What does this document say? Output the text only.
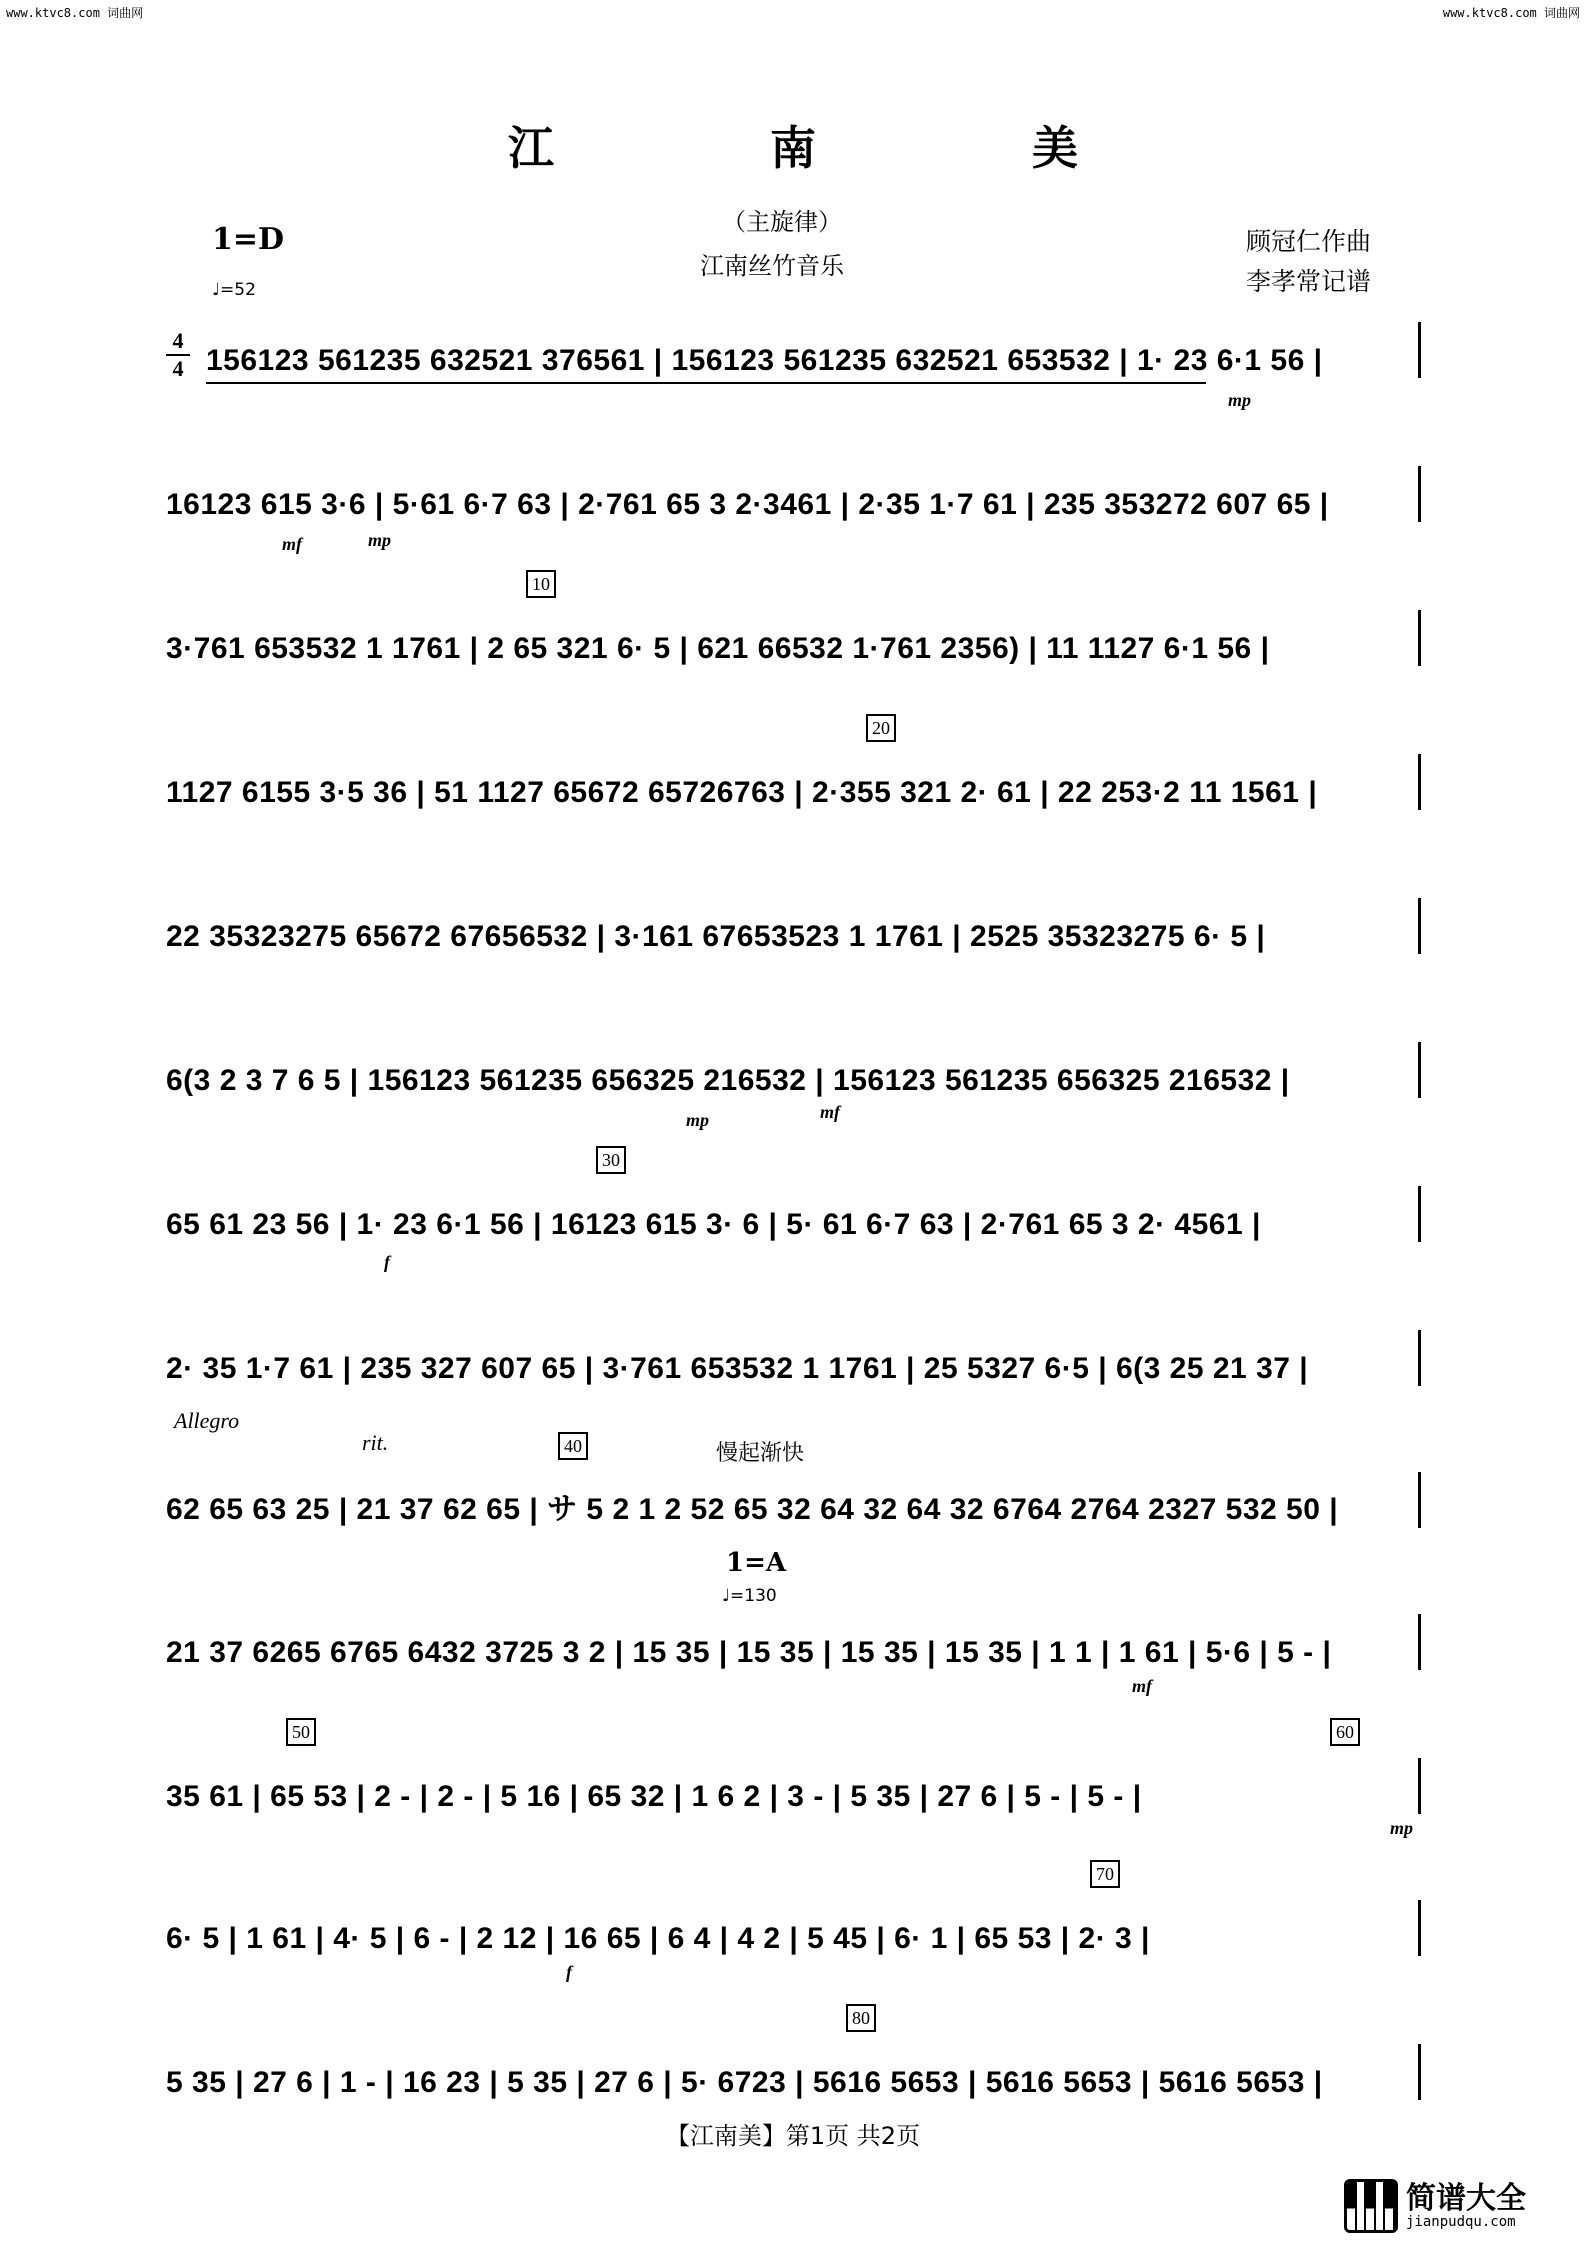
www.ktvc8.com 词曲网	www.ktvc8.com 词曲网
江 南 美
（主旋律）
江南丝竹音乐
1=D	顾冠仁作曲
李孝常记谱
♩=52
4
4 156123 561235 632521 376561 | 156123 561235 632521 653532 | 1· 23 6·1 56 |
mp
16123 615 3·6 | 5·61 6·7 63 | 2·761 65 3 2·3461 | 2·35 1·7 61 | 235 353272 607 65 |
mf	mp
10
3·761 653532 1 1761 | 2 65 321 6· 5 | 621 66532 1·761 2356) | 11 1127 6·1 56 |
20
1127 6155 3·5 36 | 51 1127 65672 65726763 | 2·355 321 2· 61 | 22 253·2 11 1561 |
22 35323275 65672 67656532 | 3·161 67653523 1 1761 | 2525 35323275 6· 5 |
6(3 2 3 7 6 5 | 156123 561235 656325 216532 | 156123 561235 656325 216532 |
mp	mf
30
65 61 23 56 | 1· 23 6·1 56 | 16123 615 3· 6 | 5· 61 6·7 63 | 2·761 65 3 2· 4561 |
f
2· 35 1·7 61 | 235 327 607 65 | 3·761 653532 1 1761 | 25 5327 6·5 | 6(3 25 21 37 |
Allegro
rit.	40	慢起渐快
62 65 63 25 | 21 37 62 65 | サ 5 2 1 2 52 65 32 64 32 64 32 6764 2764 2327 532 50 |
1=A
♩=130
21 37 6265 6765 6432 3725 3 2 | 15 35 | 15 35 | 15 35 | 15 35 | 1 1 | 1 61 | 5·6 | 5 - |
mf
50	60
35 61 | 65 53 | 2 - | 2 - | 5 16 | 65 32 | 1 6 2 | 3 - | 5 35 | 27 6 | 5 - | 5 - |
mp
70
6· 5 | 1 61 | 4· 5 | 6 - | 2 12 | 16 65 | 6 4 | 4 2 | 5 45 | 6· 1 | 65 53 | 2· 3 |
f
80
5 35 | 27 6 | 1 - | 16 23 | 5 35 | 27 6 | 5· 6723 | 5616 5653 | 5616 5653 | 5616 5653 |
【江南美】第1页 共2页
简谱大全
jianpudqu.com
